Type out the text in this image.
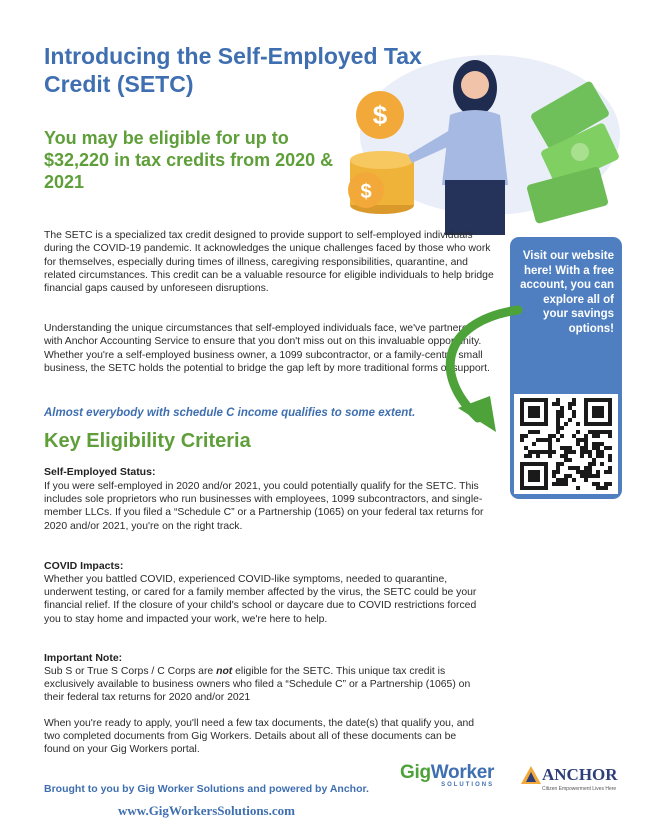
Introducing the Self-Employed Tax Credit (SETC)
You may be eligible for up to $32,220 in tax credits from 2020 & 2021
$
$
The SETC is a specialized tax credit designed to provide support to self-employed individuals during the COVID-19 pandemic. It acknowledges the unique challenges faced by those who work for themselves, especially during times of illness, caregiving responsibilities, quarantine, and related circumstances. This credit can be a valuable resource for eligible individuals to help bridge financial gaps caused by unforeseen disruptions.
Understanding the unique circumstances that self-employed individuals face, we've partnered with Anchor Accounting Service to ensure that you don't miss out on this invaluable opportunity. Whether you're a self-employed business owner, a 1099 subcontractor, or a family-centric small business, the SETC holds the potential to bridge the gap left by more traditional forms of support.
Almost everybody with schedule C income qualifies to some extent.
Key Eligibility Criteria
Self-Employed Status:
If you were self-employed in 2020 and/or 2021, you could potentially qualify for the SETC. This includes sole proprietors who run businesses with employees, 1099 subcontractors, and single-member LLCs. If you filed a “Schedule C” or a Partnership (1065) on your federal tax returns for 2020 and/or 2021, you're on the right track.
COVID Impacts:
Whether you battled COVID, experienced COVID-like symptoms, needed to quarantine, underwent testing, or cared for a family member affected by the virus, the SETC could be your financial relief. If the closure of your child's school or daycare due to COVID restrictions forced you to stay home and impacted your work, we're here to help.
Important Note:
Sub S or True S Corps / C Corps are not eligible for the SETC. This unique tax credit is exclusively available to business owners who filed a “Schedule C” or a Partnership (1065) on their federal tax returns for 2020 and/or 2021
When you're ready to apply, you'll need a few tax documents, the date(s) that qualify you, and two completed documents from Gig Workers. Details about all of these documents can be found on your Gig Workers portal.
Visit our website here! With a free account, you can explore all of your savings options!
Brought to you by Gig Worker Solutions and powered by Anchor.
www.GigWorkersSolutions.com
GigWorker
SOLUTIONS
ANCHOR
Citizen Empowerment Lives Here
